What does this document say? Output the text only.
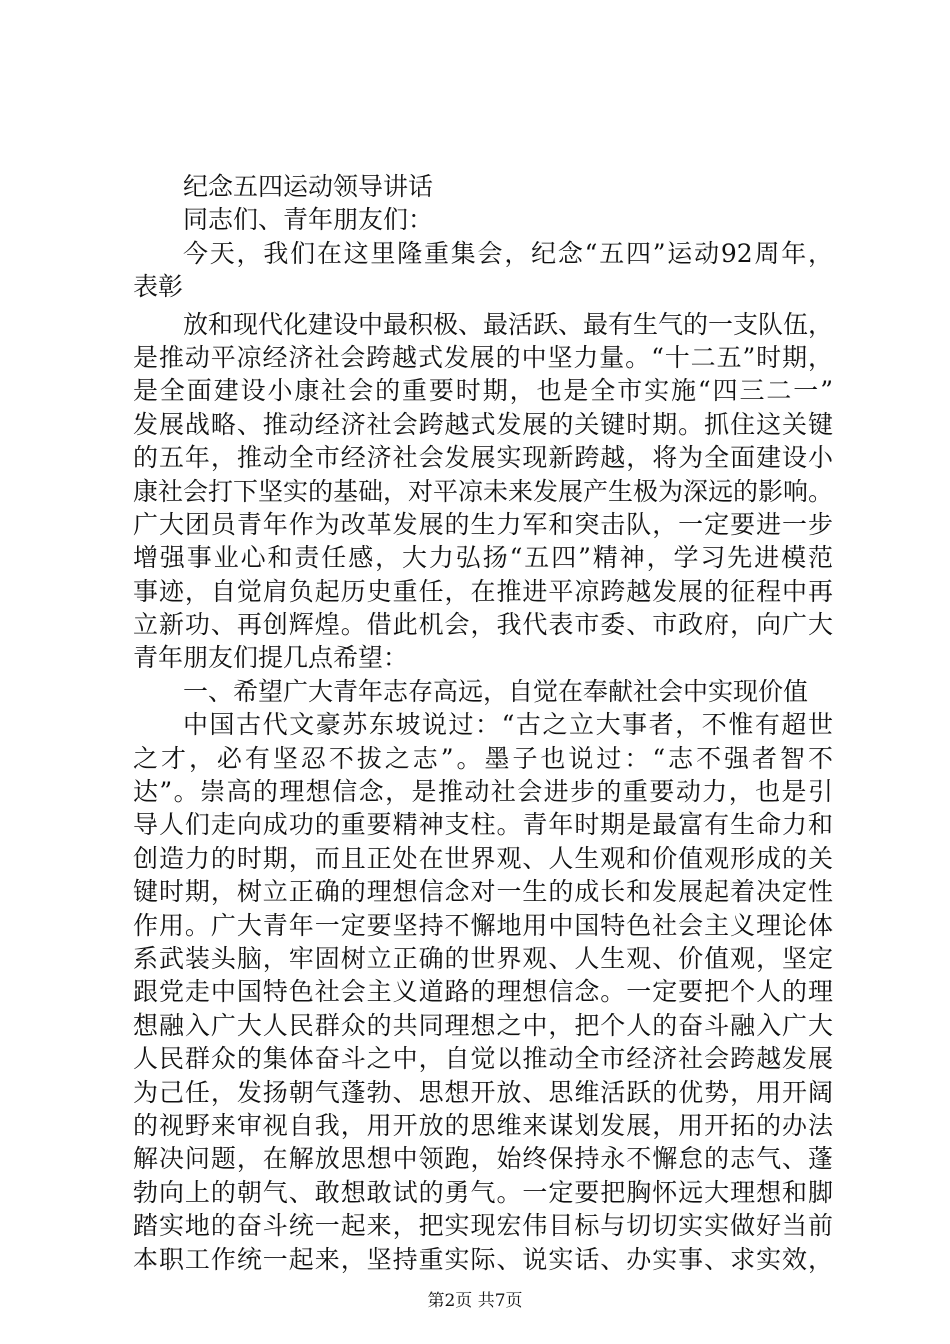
纪念五四运动领导讲话
同志们、青年朋友们：
今天，我们在这里隆重集会，纪念“五四”运动92周年，
表彰
放和现代化建设中最积极、最活跃、最有生气的一支队伍，
是推动平凉经济社会跨越式发展的中坚力量。“十二五”时期，
是全面建设小康社会的重要时期，也是全市实施“四三二一”
发展战略、推动经济社会跨越式发展的关键时期。抓住这关键
的五年，推动全市经济社会发展实现新跨越，将为全面建设小
康社会打下坚实的基础，对平凉未来发展产生极为深远的影响。
广大团员青年作为改革发展的生力军和突击队，一定要进一步
增强事业心和责任感，大力弘扬“五四”精神，学习先进模范
事迹，自觉肩负起历史重任，在推进平凉跨越发展的征程中再
立新功、再创辉煌。借此机会，我代表市委、市政府，向广大
青年朋友们提几点希望：
一、希望广大青年志存高远，自觉在奉献社会中实现价值
中国古代文豪苏东坡说过：“古之立大事者，不惟有超世
之才，必有坚忍不拔之志”。墨子也说过：“志不强者智不
达”。崇高的理想信念，是推动社会进步的重要动力，也是引
导人们走向成功的重要精神支柱。青年时期是最富有生命力和
创造力的时期，而且正处在世界观、人生观和价值观形成的关
键时期，树立正确的理想信念对一生的成长和发展起着决定性
作用。广大青年一定要坚持不懈地用中国特色社会主义理论体
系武装头脑，牢固树立正确的世界观、人生观、价值观，坚定
跟党走中国特色社会主义道路的理想信念。一定要把个人的理
想融入广大人民群众的共同理想之中，把个人的奋斗融入广大
人民群众的集体奋斗之中，自觉以推动全市经济社会跨越发展
为己任，发扬朝气蓬勃、思想开放、思维活跃的优势，用开阔
的视野来审视自我，用开放的思维来谋划发展，用开拓的办法
解决问题，在解放思想中领跑，始终保持永不懈怠的志气、蓬
勃向上的朝气、敢想敢试的勇气。一定要把胸怀远大理想和脚
踏实地的奋斗统一起来，把实现宏伟目标与切切实实做好当前
本职工作统一起来，坚持重实际、说实话、办实事、求实效，
第2页 共7页
